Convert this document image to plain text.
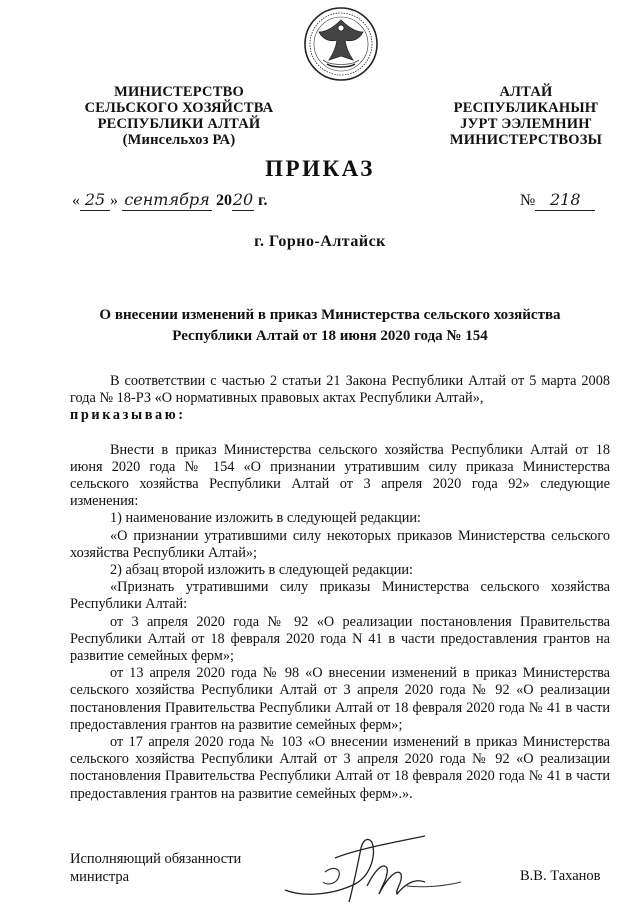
МИНИСТЕРСТВО
СЕЛЬСКОГО ХОЗЯЙСТВА
РЕСПУБЛИКИ АЛТАЙ
(Минсельхоз РА)
АЛТАЙ
РЕСПУБЛИКАНЫҤ
ЈУРТ ЭЭЛЕМНИҤ
МИНИСТЕРСТВОЗЫ
ПРИКАЗ
« 25 » сентября 2020 г.	№ 218
г. Горно-Алтайск
О внесении изменений в приказ Министерства сельского хозяйства Республики Алтай от 18 июня 2020 года № 154

В соответствии с частью 2 статьи 21 Закона Республики Алтай от 5 марта 2008 года № 18-РЗ «О нормативных правовых актах Республики Алтай»,

приказываю:

Внести в приказ Министерства сельского хозяйства Республики Алтай от 18 июня 2020 года № 154 «О признании утратившим силу приказа Министерства сельского хозяйства Республики Алтай от 3 апреля 2020 года 92» следующие изменения:

1) наименование изложить в следующей редакции:

«О признании утратившими силу некоторых приказов Министерства сельского хозяйства Республики Алтай»;

2) абзац второй изложить в следующей редакции:

«Признать утратившими силу приказы Министерства сельского хозяйства Республики Алтай:

от 3 апреля 2020 года № 92 «О реализации постановления Правительства Республики Алтай от 18 февраля 2020 года N 41 в части предоставления грантов на развитие семейных ферм»;

от 13 апреля 2020 года № 98 «О внесении изменений в приказ Министерства сельского хозяйства Республики Алтай от 3 апреля 2020 года № 92 «О реализации постановления Правительства Республики Алтай от 18 февраля 2020 года № 41 в части предоставления грантов на развитие семейных ферм»;

от 17 апреля 2020 года № 103 «О внесении изменений в приказ Министерства сельского хозяйства Республики Алтай от 3 апреля 2020 года № 92 «О реализации постановления Правительства Республики Алтай от 18 февраля 2020 года № 41 в части предоставления грантов на развитие семейных ферм».».

Исполняющий обязанности
министра	В.В. Таханов
